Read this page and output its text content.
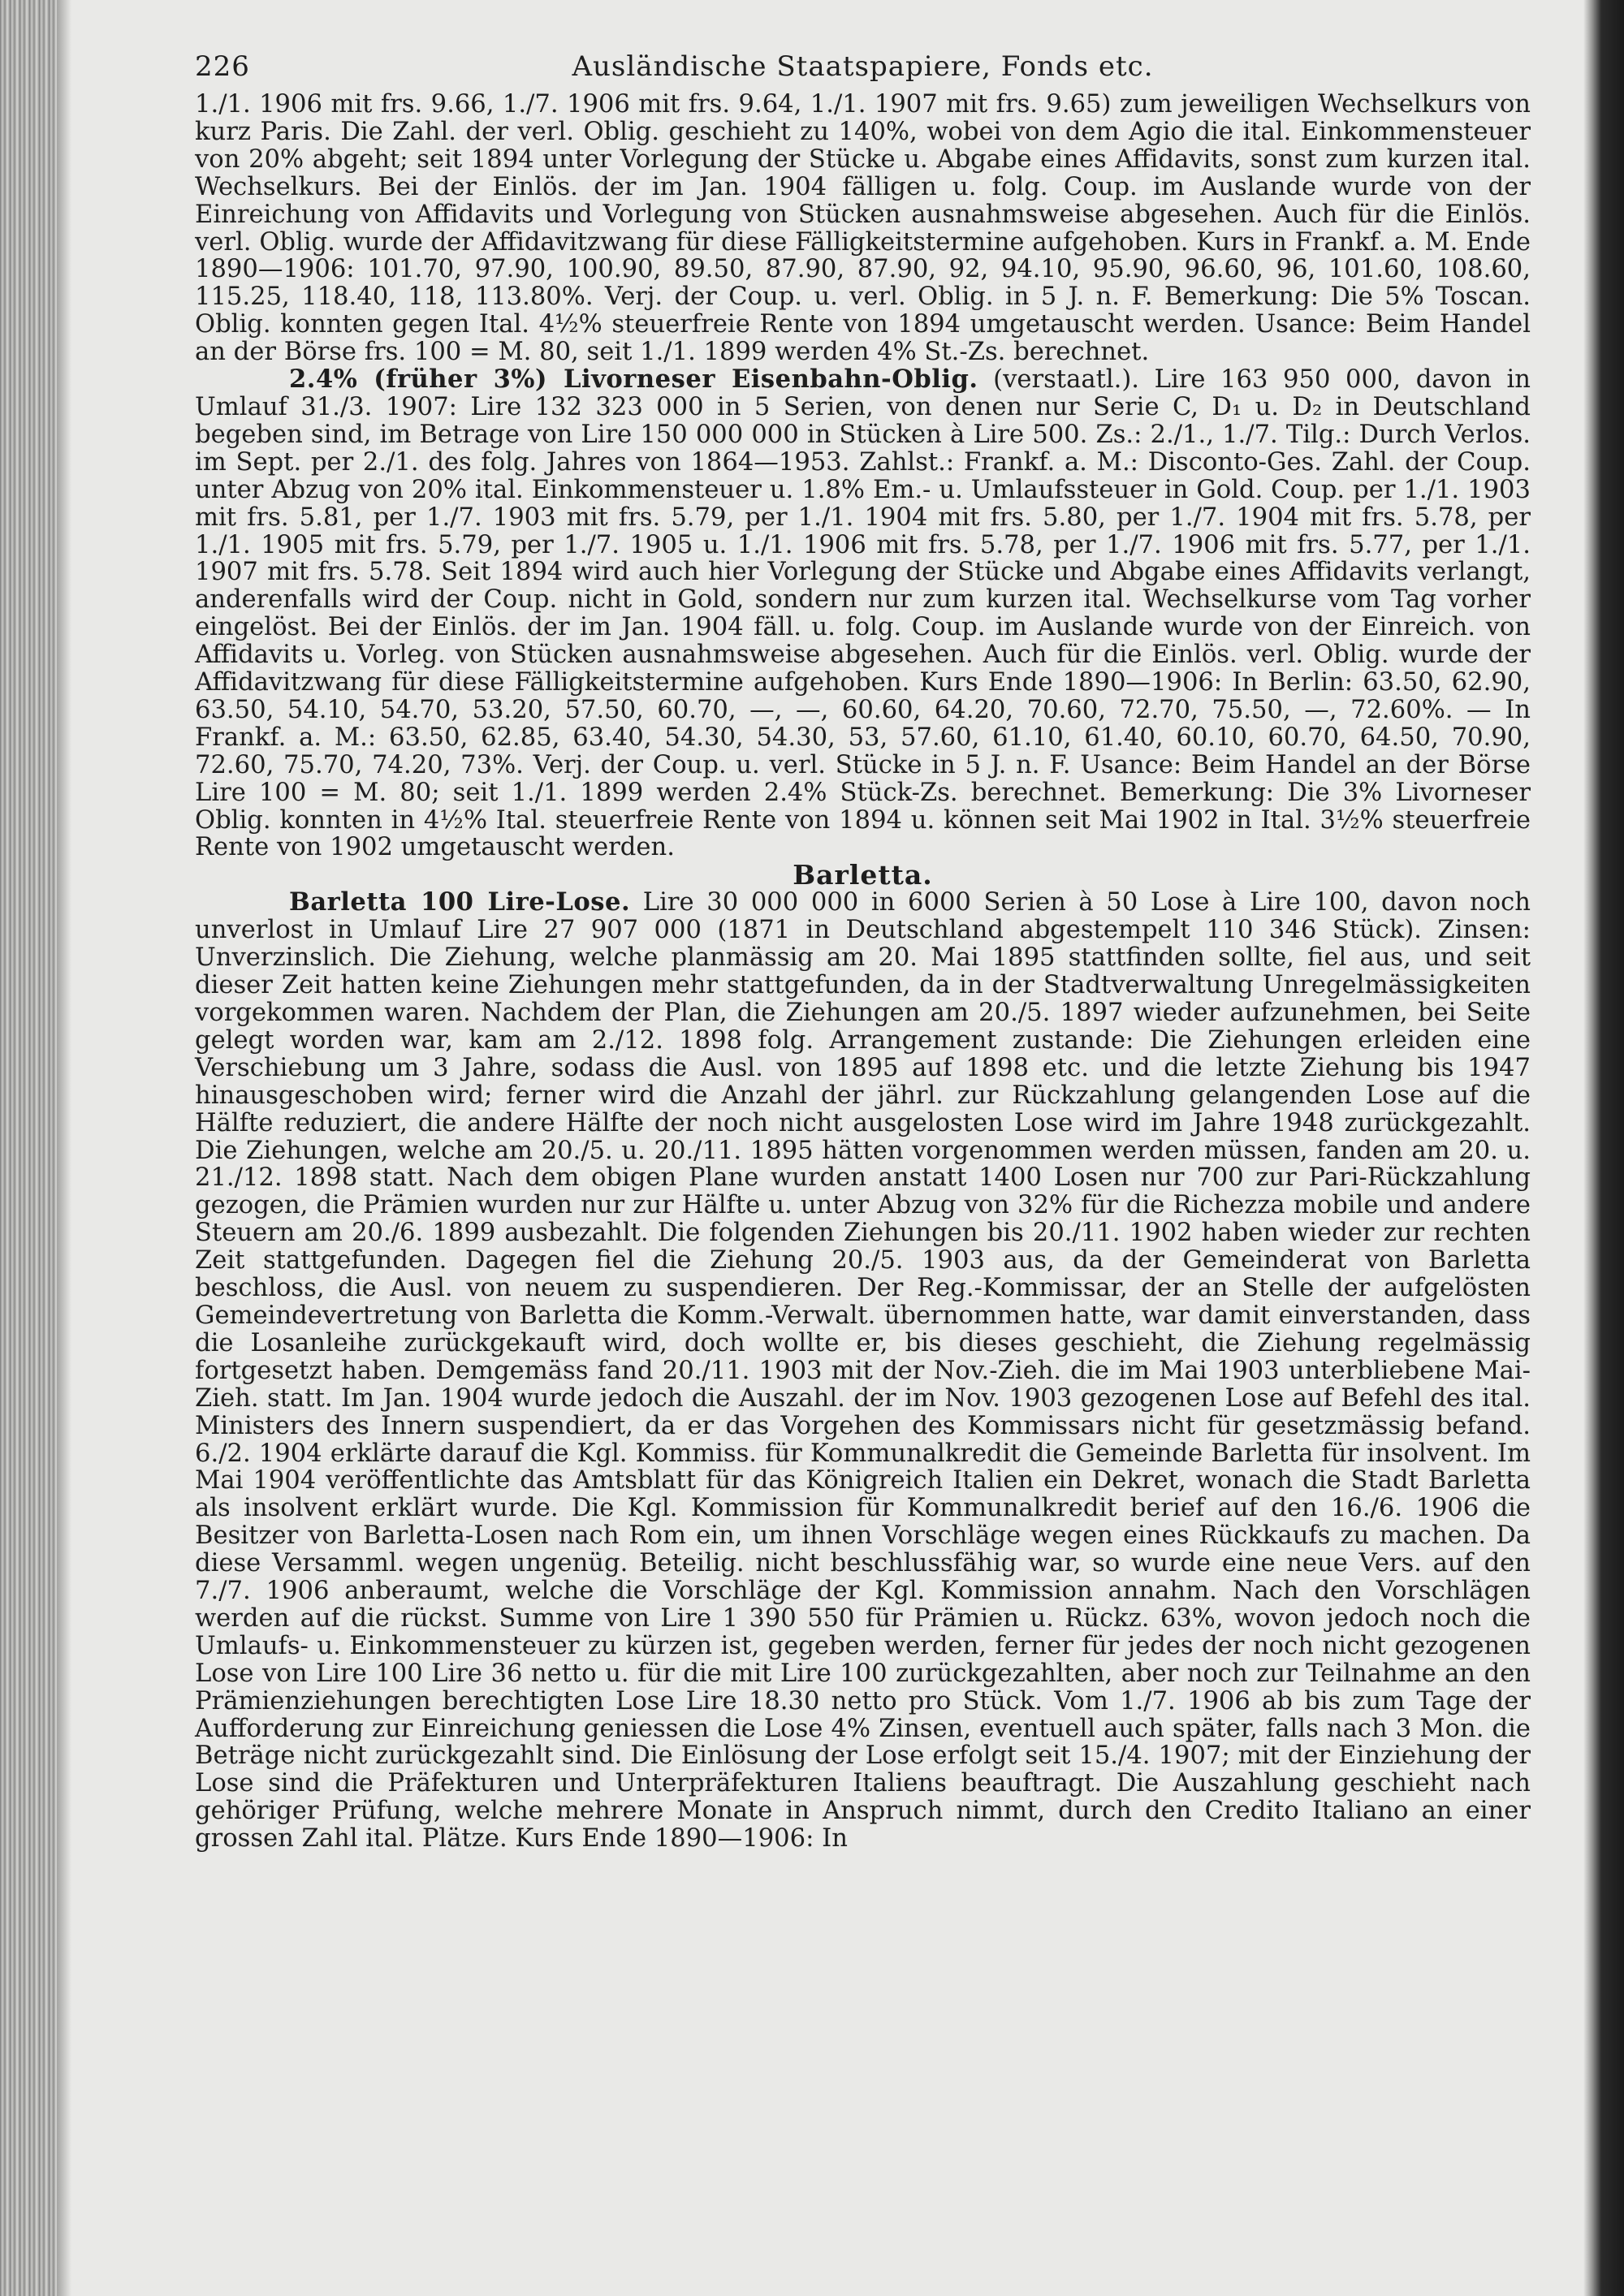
226	Ausländische Staatspapiere, Fonds etc.

1./1. 1906 mit frs. 9.66, 1./7. 1906 mit frs. 9.64, 1./1. 1907 mit frs. 9.65) zum jeweiligen Wechselkurs von kurz Paris. Die Zahl. der verl. Oblig. geschieht zu 140%, wobei von dem Agio die ital. Einkommensteuer von 20% abgeht; seit 1894 unter Vorlegung der Stücke u. Abgabe eines Affidavits, sonst zum kurzen ital. Wechselkurs. Bei der Einlös. der im Jan. 1904 fälligen u. folg. Coup. im Auslande wurde von der Einreichung von Affidavits und Vorlegung von Stücken ausnahmsweise abgesehen. Auch für die Einlös. verl. Oblig. wurde der Affidavitzwang für diese Fälligkeitstermine aufgehoben. Kurs in Frankf. a. M. Ende 1890—1906: 101.70, 97.90, 100.90, 89.50, 87.90, 87.90, 92, 94.10, 95.90, 96.60, 96, 101.60, 108.60, 115.25, 118.40, 118, 113.80%. Verj. der Coup. u. verl. Oblig. in 5 J. n. F. Bemerkung: Die 5% Toscan. Oblig. konnten gegen Ital. 4½% steuerfreie Rente von 1894 umgetauscht werden. Usance: Beim Handel an der Börse frs. 100 = M. 80, seit 1./1. 1899 werden 4% St.-Zs. berechnet.

2.4% (früher 3%) Livorneser Eisenbahn-Oblig. (verstaatl.). Lire 163 950 000, davon in Umlauf 31./3. 1907: Lire 132 323 000 in 5 Serien, von denen nur Serie C, D₁ u. D₂ in Deutschland begeben sind, im Betrage von Lire 150 000 000 in Stücken à Lire 500. Zs.: 2./1., 1./7. Tilg.: Durch Verlos. im Sept. per 2./1. des folg. Jahres von 1864—1953. Zahlst.: Frankf. a. M.: Disconto-Ges. Zahl. der Coup. unter Abzug von 20% ital. Einkommensteuer u. 1.8% Em.- u. Umlaufssteuer in Gold. Coup. per 1./1. 1903 mit frs. 5.81, per 1./7. 1903 mit frs. 5.79, per 1./1. 1904 mit frs. 5.80, per 1./7. 1904 mit frs. 5.78, per 1./1. 1905 mit frs. 5.79, per 1./7. 1905 u. 1./1. 1906 mit frs. 5.78, per 1./7. 1906 mit frs. 5.77, per 1./1. 1907 mit frs. 5.78. Seit 1894 wird auch hier Vorlegung der Stücke und Abgabe eines Affidavits verlangt, anderenfalls wird der Coup. nicht in Gold, sondern nur zum kurzen ital. Wechselkurse vom Tag vorher eingelöst. Bei der Einlös. der im Jan. 1904 fäll. u. folg. Coup. im Auslande wurde von der Einreich. von Affidavits u. Vorleg. von Stücken ausnahmsweise abgesehen. Auch für die Einlös. verl. Oblig. wurde der Affidavitzwang für diese Fälligkeitstermine aufgehoben. Kurs Ende 1890—1906: In Berlin: 63.50, 62.90, 63.50, 54.10, 54.70, 53.20, 57.50, 60.70, —, —, 60.60, 64.20, 70.60, 72.70, 75.50, —, 72.60%. — In Frankf. a. M.: 63.50, 62.85, 63.40, 54.30, 54.30, 53, 57.60, 61.10, 61.40, 60.10, 60.70, 64.50, 70.90, 72.60, 75.70, 74.20, 73%. Verj. der Coup. u. verl. Stücke in 5 J. n. F. Usance: Beim Handel an der Börse Lire 100 = M. 80; seit 1./1. 1899 werden 2.4% Stück-Zs. berechnet. Bemerkung: Die 3% Livorneser Oblig. konnten in 4½% Ital. steuerfreie Rente von 1894 u. können seit Mai 1902 in Ital. 3½% steuerfreie Rente von 1902 umgetauscht werden.

Barletta.

Barletta 100 Lire-Lose. Lire 30 000 000 in 6000 Serien à 50 Lose à Lire 100, davon noch unverlost in Umlauf Lire 27 907 000 (1871 in Deutschland abgestempelt 110 346 Stück). Zinsen: Unverzinslich. Die Ziehung, welche planmässig am 20. Mai 1895 stattfinden sollte, fiel aus, und seit dieser Zeit hatten keine Ziehungen mehr stattgefunden, da in der Stadtverwaltung Unregelmässigkeiten vorgekommen waren. Nachdem der Plan, die Ziehungen am 20./5. 1897 wieder aufzunehmen, bei Seite gelegt worden war, kam am 2./12. 1898 folg. Arrangement zustande: Die Ziehungen erleiden eine Verschiebung um 3 Jahre, sodass die Ausl. von 1895 auf 1898 etc. und die letzte Ziehung bis 1947 hinausgeschoben wird; ferner wird die Anzahl der jährl. zur Rückzahlung gelangenden Lose auf die Hälfte reduziert, die andere Hälfte der noch nicht ausgelosten Lose wird im Jahre 1948 zurückgezahlt. Die Ziehungen, welche am 20./5. u. 20./11. 1895 hätten vorgenommen werden müssen, fanden am 20. u. 21./12. 1898 statt. Nach dem obigen Plane wurden anstatt 1400 Losen nur 700 zur Pari-Rückzahlung gezogen, die Prämien wurden nur zur Hälfte u. unter Abzug von 32% für die Richezza mobile und andere Steuern am 20./6. 1899 ausbezahlt. Die folgenden Ziehungen bis 20./11. 1902 haben wieder zur rechten Zeit stattgefunden. Dagegen fiel die Ziehung 20./5. 1903 aus, da der Gemeinderat von Barletta beschloss, die Ausl. von neuem zu suspendieren. Der Reg.-Kommissar, der an Stelle der aufgelösten Gemeindevertretung von Barletta die Komm.-Verwalt. übernommen hatte, war damit einverstanden, dass die Losanleihe zurückgekauft wird, doch wollte er, bis dieses geschieht, die Ziehung regelmässig fortgesetzt haben. Demgemäss fand 20./11. 1903 mit der Nov.-Zieh. die im Mai 1903 unterbliebene Mai-Zieh. statt. Im Jan. 1904 wurde jedoch die Auszahl. der im Nov. 1903 gezogenen Lose auf Befehl des ital. Ministers des Innern suspendiert, da er das Vorgehen des Kommissars nicht für gesetzmässig befand. 6./2. 1904 erklärte darauf die Kgl. Kommiss. für Kommunalkredit die Gemeinde Barletta für insolvent. Im Mai 1904 veröffentlichte das Amtsblatt für das Königreich Italien ein Dekret, wonach die Stadt Barletta als insolvent erklärt wurde. Die Kgl. Kommission für Kommunalkredit berief auf den 16./6. 1906 die Besitzer von Barletta-Losen nach Rom ein, um ihnen Vorschläge wegen eines Rückkaufs zu machen. Da diese Versamml. wegen ungenüg. Beteilig. nicht beschlussfähig war, so wurde eine neue Vers. auf den 7./7. 1906 anberaumt, welche die Vorschläge der Kgl. Kommission annahm. Nach den Vorschlägen werden auf die rückst. Summe von Lire 1 390 550 für Prämien u. Rückz. 63%, wovon jedoch noch die Umlaufs- u. Einkommensteuer zu kürzen ist, gegeben werden, ferner für jedes der noch nicht gezogenen Lose von Lire 100 Lire 36 netto u. für die mit Lire 100 zurückgezahlten, aber noch zur Teilnahme an den Prämienziehungen berechtigten Lose Lire 18.30 netto pro Stück. Vom 1./7. 1906 ab bis zum Tage der Aufforderung zur Einreichung geniessen die Lose 4% Zinsen, eventuell auch später, falls nach 3 Mon. die Beträge nicht zurückgezahlt sind. Die Einlösung der Lose erfolgt seit 15./4. 1907; mit der Einziehung der Lose sind die Präfekturen und Unterpräfekturen Italiens beauftragt. Die Auszahlung geschieht nach gehöriger Prüfung, welche mehrere Monate in Anspruch nimmt, durch den Credito Italiano an einer grossen Zahl ital. Plätze. Kurs Ende 1890—1906: In
